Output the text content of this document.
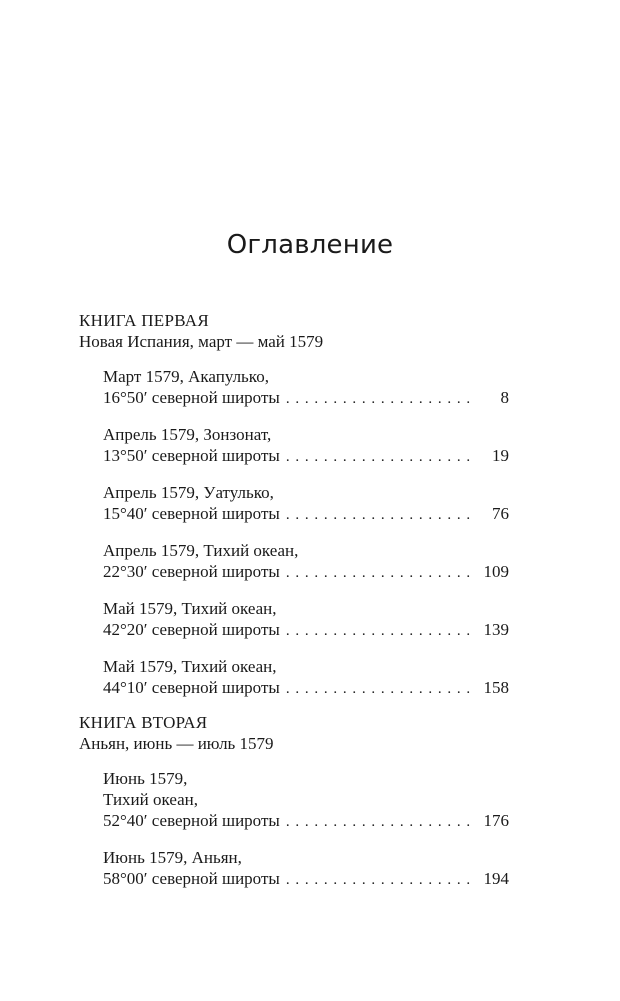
Оглавление
КНИГА ПЕРВАЯ
Новая Испания, март — май 1579
Март 1579, Акапулько,
16°50′ северной широты . . .	8
Апрель 1579, Зонзонат,
13°50′ северной широты . . .	19
Апрель 1579, Уатулько,
15°40′ северной широты . . .	76
Апрель 1579, Тихий океан,
22°30′ северной широты . . .	109
Май 1579, Тихий океан,
42°20′ северной широты . . .	139
Май 1579, Тихий океан,
44°10′ северной широты . . .	158
КНИГА ВТОРАЯ
Аньян, июнь — июль 1579
Июнь 1579,
Тихий океан,
52°40′ северной широты . . .	176
Июнь 1579, Аньян,
58°00′ северной широты . . .	194
